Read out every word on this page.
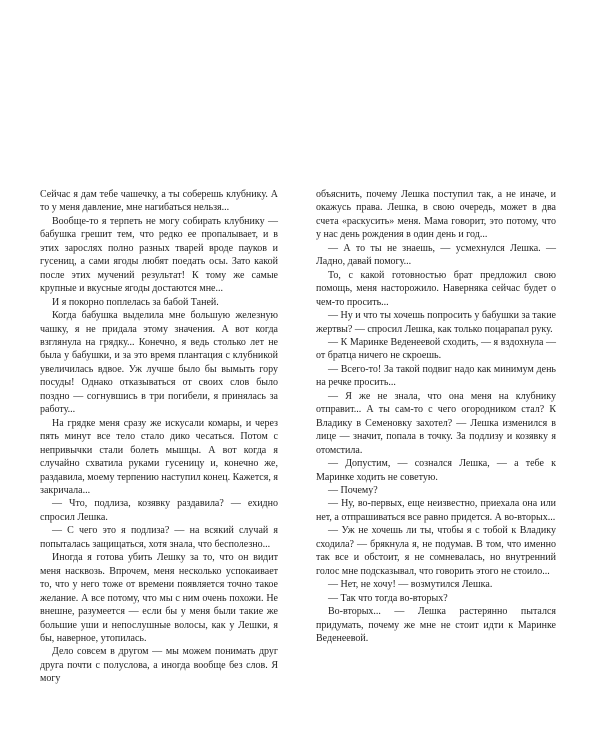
Сейчас я дам тебе чашечку, а ты соберешь клубнику. А то у меня давление, мне нагибаться нельзя...

Вообще-то я терпеть не могу собирать клубнику — бабушка грешит тем, что редко ее пропалывает, и в этих зарослях полно разных тварей вроде пауков и гусениц, а сами ягоды любят поедать осы. Зато какой после этих мучений результат! К тому же самые крупные и вкусные ягоды достаются мне...

И я покорно поплелась за бабой Таней.

Когда бабушка выделила мне большую железную чашку, я не придала этому значения. А вот когда взглянула на грядку... Конечно, я ведь столько лет не была у бабушки, и за это время плантация с клубникой увеличилась вдвое. Уж лучше было бы вымыть гору посуды! Однако отказываться от своих слов было поздно — согнувшись в три погибели, я принялась за работу...

На грядке меня сразу же искусали комары, и через пять минут все тело стало дико чесаться. Потом с непривычки стали болеть мышцы. А вот когда я случайно схватила руками гусеницу и, конечно же, раздавила, моему терпению наступил конец. Кажется, я закричала...

— Что, подлиза, козявку раздавила? — ехидно спросил Лешка.

— С чего это я подлиза? — на всякий случай я попыталась защищаться, хотя знала, что бесполезно...

Иногда я готова убить Лешку за то, что он видит меня насквозь. Впрочем, меня несколько успокаивает то, что у него тоже от времени появляется точно такое желание. А все потому, что мы с ним очень похожи. Не внешне, разумеется — если бы у меня были такие же большие уши и непослушные волосы, как у Лешки, я бы, наверное, утопилась.

Дело совсем в другом — мы можем понимать друг друга почти с полуслова, а иногда вообще без слов. Я могу

объяснить, почему Лешка поступил так, а не иначе, и окажусь права. Лешка, в свою очередь, может в два счета «раскусить» меня. Мама говорит, это потому, что у нас день рождения в один день и год...

— А то ты не знаешь, — усмехнулся Лешка. — Ладно, давай помогу...

То, с какой готовностью брат предложил свою помощь, меня насторожило. Наверняка сейчас будет о чем-то просить...

— Ну и что ты хочешь попросить у бабушки за такие жертвы? — спросил Лешка, как только поцарапал руку.

— К Маринке Веденеевой сходить, — я вздохнула — от братца ничего не скроешь.

— Всего-то! За такой подвиг надо как минимум день на речке просить...

— Я же не знала, что она меня на клубнику отправит... А ты сам-то с чего огородником стал? К Владику в Семеновку захотел? — Лешка изменился в лице — значит, попала в точку. За подлизу и козявку я отомстила.

— Допустим, — сознался Лешка, — а тебе к Маринке ходить не советую.

— Почему?

— Ну, во-первых, еще неизвестно, приехала она или нет, а отпрашиваться все равно придется. А во-вторых...

— Уж не хочешь ли ты, чтобы я с тобой к Владику сходила? — брякнула я, не подумав. В том, что именно так все и обстоит, я не сомневалась, но внутренний голос мне подсказывал, что говорить этого не стоило...

— Нет, не хочу! — возмутился Лешка.

— Так что тогда во-вторых?

Во-вторых... — Лешка растерянно пытался придумать, почему же мне не стоит идти к Маринке Веденеевой.
